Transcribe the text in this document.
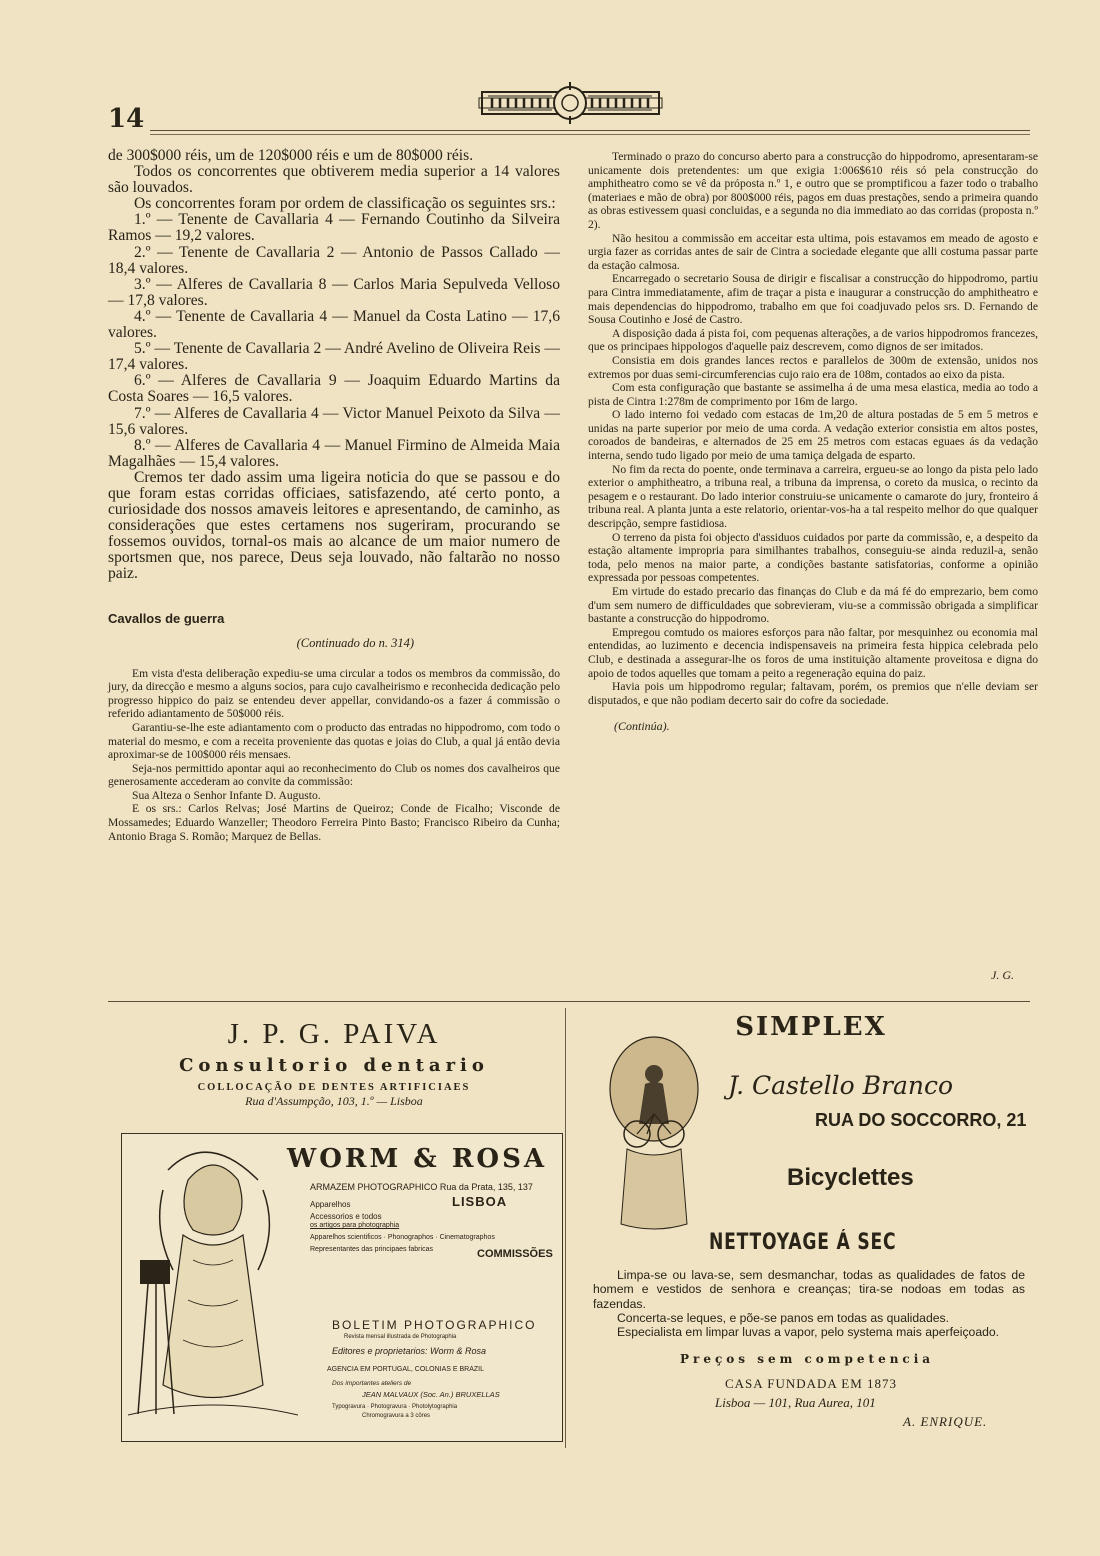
14

de 300$000 réis, um de 120$000 réis e um de 80$000 réis.

Todos os concorrentes que obtiverem media superior a 14 valores são louvados.

Os concorrentes foram por ordem de classificação os seguintes srs.:

1.º — Tenente de Cavallaria 4 — Fernando Coutinho da Silveira Ramos — 19,2 valores.

2.º — Tenente de Cavallaria 2 — Antonio de Passos Callado — 18,4 valores.

3.º — Alferes de Cavallaria 8 — Carlos Maria Sepulveda Velloso — 17,8 valores.

4.º — Tenente de Cavallaria 4 — Manuel da Costa Latino — 17,6 valores.

5.º — Tenente de Cavallaria 2 — André Avelino de Oliveira Reis — 17,4 valores.

6.º — Alferes de Cavallaria 9 — Joaquim Eduardo Martins da Costa Soares — 16,5 valores.

7.º — Alferes de Cavallaria 4 — Victor Manuel Peixoto da Silva — 15,6 valores.

8.º — Alferes de Cavallaria 4 — Manuel Firmino de Almeida Maia Magalhães — 15,4 valores.

Cremos ter dado assim uma ligeira noticia do que se passou e do que foram estas corridas officiaes, satisfazendo, até certo ponto, a curiosidade dos nossos amaveis leitores e apresentando, de caminho, as considerações que estes certamens nos sugeriram, procurando se fossemos ouvidos, tornal-os mais ao alcance de um maior numero de sportsmen que, nos parece, Deus seja louvado, não faltarão no nosso paiz.

Cavallos de guerra
(Continuado do n. 314)

Em vista d'esta deliberação expediu-se uma circular a todos os membros da commissão, do jury, da direcção e mesmo a alguns socios, para cujo cavalheirismo e reconhecida dedicação pelo progresso hippico do paiz se entendeu dever appellar, convidando-os a fazer á commissão o referido adiantamento de 50$000 réis.

Garantiu-se-lhe este adiantamento com o producto das entradas no hippodromo, com todo o material do mesmo, e com a receita proveniente das quotas e joias do Club, a qual já então devia aproximar-se de 100$000 réis mensaes.

Seja-nos permittido apontar aqui ao reconhecimento do Club os nomes dos cavalheiros que generosamente accederam ao convite da commissão:

Sua Alteza o Senhor Infante D. Augusto.

E os srs.: Carlos Relvas; José Martins de Queiroz; Conde de Ficalho; Visconde de Mossamedes; Eduardo Wanzeller; Theodoro Ferreira Pinto Basto; Francisco Ribeiro da Cunha; Antonio Braga S. Romão; Marquez de Bellas.

Terminado o prazo do concurso aberto para a construcção do hippodromo, apresentaram-se unicamente dois pretendentes: um que exigia 1:006$610 réis só pela construcção do amphitheatro como se vê da próposta n.º 1, e outro que se promptificou a fazer todo o trabalho (materiaes e mão de obra) por 800$000 réis, pagos em duas prestações, sendo a primeira quando as obras estivessem quasi concluidas, e a segunda no dia immediato ao das corridas (proposta n.º 2).

Não hesitou a commissão em acceitar esta ultima, pois estavamos em meado de agosto e urgia fazer as corridas antes de sair de Cintra a sociedade elegante que alli costuma passar parte da estação calmosa.

Encarregado o secretario Sousa de dirigir e fiscalisar a construcção do hippodromo, partiu para Cintra immediatamente, afim de traçar a pista e inaugurar a construcção do amphitheatro e mais dependencias do hippodromo, trabalho em que foi coadjuvado pelos srs. D. Fernando de Sousa Coutinho e José de Castro.

A disposição dada á pista foi, com pequenas alterações, a de varios hippodromos francezes, que os principaes hippologos d'aquelle paiz descrevem, como dignos de ser imitados.

Consistia em dois grandes lances rectos e parallelos de 300m de extensão, unidos nos extremos por duas semi-circumferencias cujo raio era de 108m, contados ao eixo da pista.

Com esta configuração que bastante se assimelha á de uma mesa elastica, media ao todo a pista de Cintra 1:278m de comprimento por 16m de largo.

O lado interno foi vedado com estacas de 1m,20 de altura postadas de 5 em 5 metros e unidas na parte superior por meio de uma corda. A vedação exterior consistia em altos postes, coroados de bandeiras, e alternados de 25 em 25 metros com estacas eguaes ás da vedação interna, sendo tudo ligado por meio de uma tamiça delgada de esparto.

No fim da recta do poente, onde terminava a carreira, ergueu-se ao longo da pista pelo lado exterior o amphitheatro, a tribuna real, a tribuna da imprensa, o coreto da musica, o recinto da pesagem e o restaurant. Do lado interior construiu-se unicamente o camarote do jury, fronteiro á tribuna real. A planta junta a este relatorio, orientar-vos-ha a tal respeito melhor do que qualquer descripção, sempre fastidiosa.

O terreno da pista foi objecto d'assiduos cuidados por parte da commissão, e, a despeito da estação altamente impropria para similhantes trabalhos, conseguiu-se ainda reduzil-a, senão toda, pelo menos na maior parte, a condições bastante satisfatorias, conforme a opinião expressada por pessoas competentes.

Em virtude do estado precario das finanças do Club e da má fé do emprezario, bem como d'um sem numero de difficuldades que sobrevieram, viu-se a commissão obrigada a simplificar bastante a construcção do hippodromo.

Empregou comtudo os maiores esforços para não faltar, por mesquinhez ou economia mal entendidas, ao luzimento e decencia indispensaveis na primeira festa hippica celebrada pelo Club, e destinada a assegurar-lhe os foros de uma instituição altamente proveitosa e digna do apoio de todos aquelles que tomam a peito a regeneração equina do paiz.

Havia pois um hippodromo regular; faltavam, porém, os premios que n'elle deviam ser disputados, e que não podiam decerto sair do cofre da sociedade.

(Continúa).
J. G.
J. P. G. PAIVA
Consultorio dentario
COLLOCAÇÃO DE DENTES ARTIFICIAES
Rua d'Assumpção, 103, 1.º — Lisboa
WORM & ROSA
ARMAZEM PHOTOGRAPHICO Rua da Prata, 135, 137
LISBOA
Apparelhos
Accessorios e todos
os artigos para photographia
Apparelhos scientificos · Phonographos · Cinematographos
Representantes das principaes fabricas	COMMISSÕES
BOLETIM PHOTOGRAPHICO
Revista mensal illustrada de Photographia
Editores e proprietarios: Worm & Rosa
AGENCIA EM PORTUGAL, COLONIAS E BRAZIL
Dos importantes ateliers de
JEAN MALVAUX (Soc. An.) BRUXELLAS
Typogravura · Photogravura · Photolytographia
Chromogravura a 3 côres
SIMPLEX
J. Castello Branco
RUA DO SOCCORRO, 21
Bicyclettes
NETTOYAGE Á SEC

Limpa-se ou lava-se, sem desmanchar, todas as qualidades de fatos de homem e vestidos de senhora e creanças; tira-se nodoas em todas as fazendas.

Concerta-se leques, e põe-se panos em todas as qualidades.

Especialista em limpar luvas a vapor, pelo systema mais aperfeiçoado.

Preços sem competencia
CASA FUNDADA EM 1873
Lisboa — 101, Rua Aurea, 101
A. ENRIQUE.
